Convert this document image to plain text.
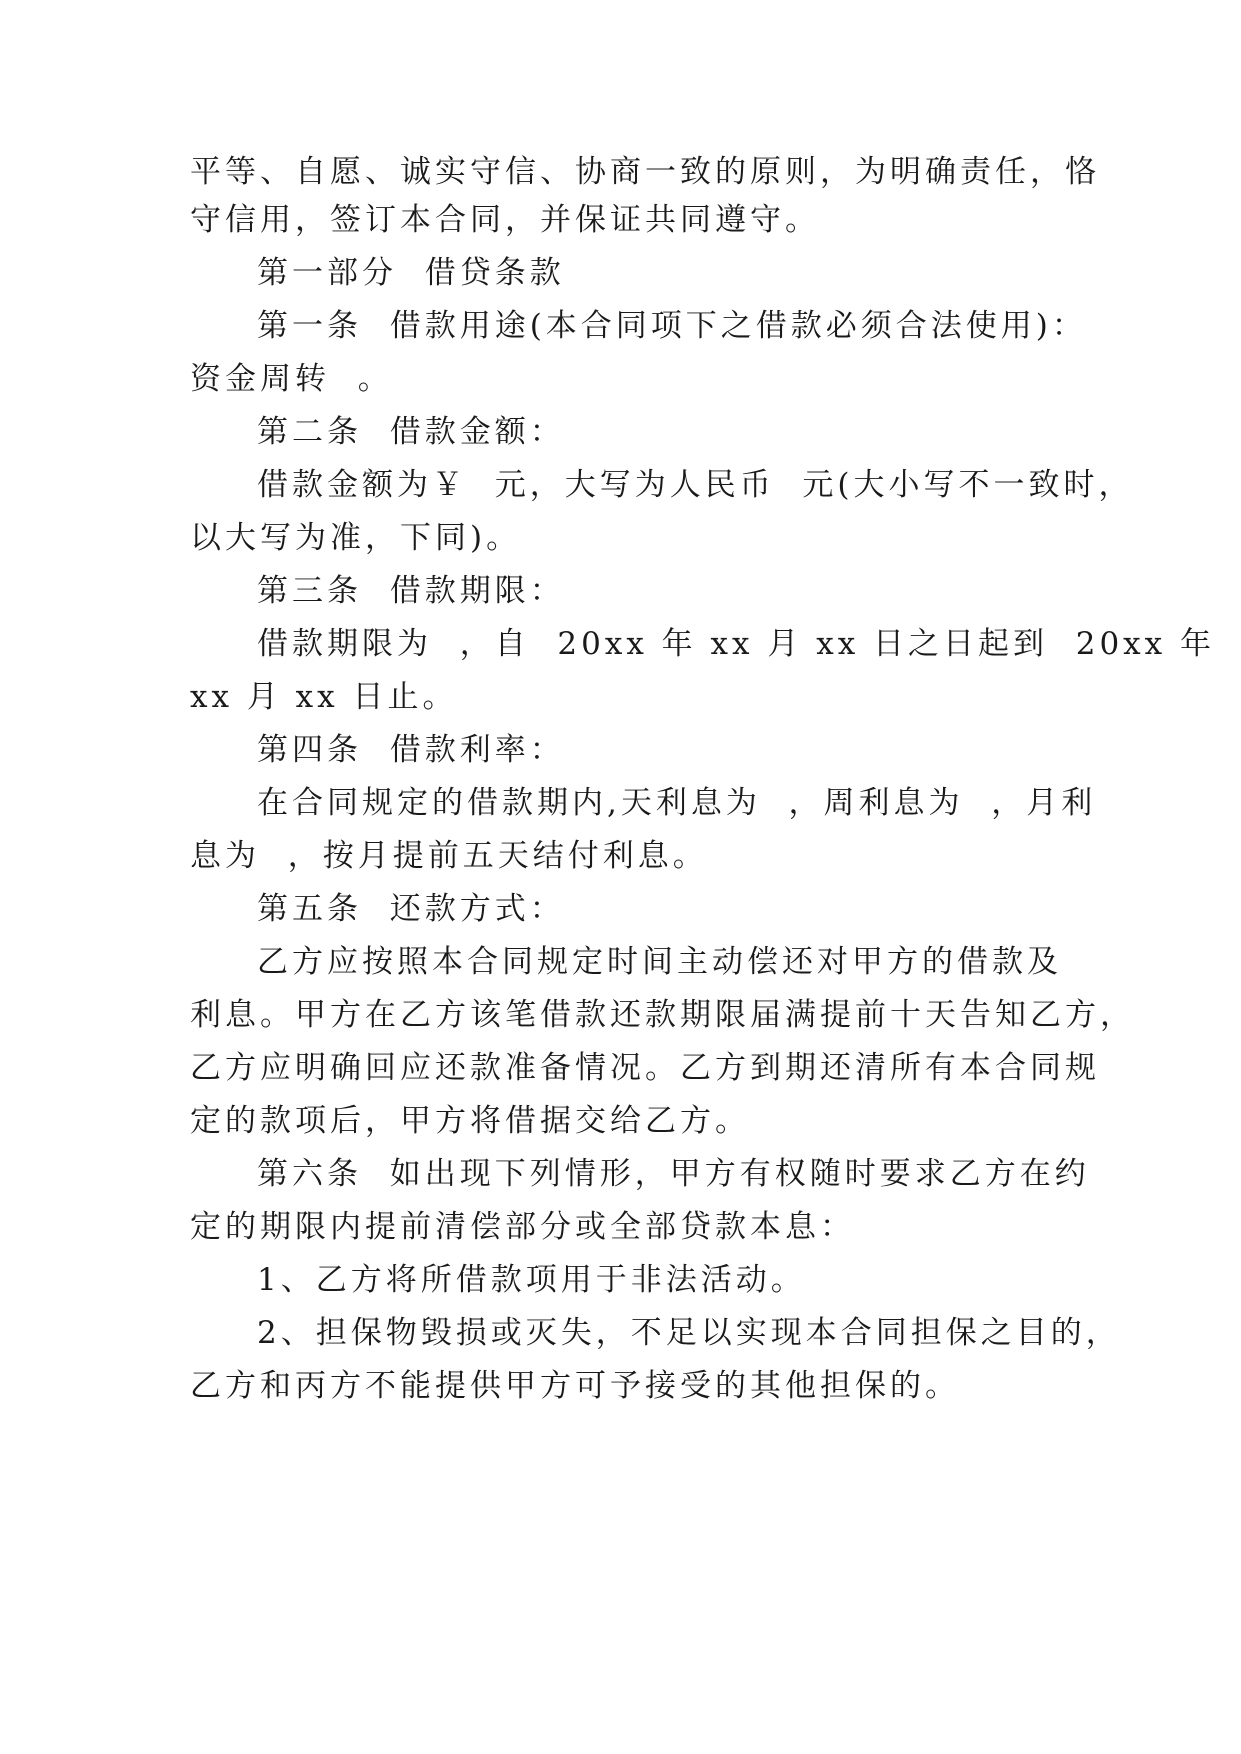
平等、自愿、诚实守信、协商一致的原则，为明确责任，恪
守信用，签订本合同，并保证共同遵守。
第一部分  借贷条款
第一条  借款用途(本合同项下之借款必须合法使用)：
资金周转  。
第二条  借款金额：
借款金额为￥  元，大写为人民币  元(大小写不一致时，
以大写为准，下同)。
第三条  借款期限：
借款期限为  ，自  20xx 年 xx 月 xx 日之日起到  20xx 年
xx 月 xx 日止。
第四条  借款利率：
在合同规定的借款期内,天利息为  ，周利息为  ，月利
息为  ，按月提前五天结付利息。
第五条  还款方式：
乙方应按照本合同规定时间主动偿还对甲方的借款及
利息。甲方在乙方该笔借款还款期限届满提前十天告知乙方，
乙方应明确回应还款准备情况。乙方到期还清所有本合同规
定的款项后，甲方将借据交给乙方。
第六条  如出现下列情形，甲方有权随时要求乙方在约
定的期限内提前清偿部分或全部贷款本息：
1、乙方将所借款项用于非法活动。
2、担保物毁损或灭失，不足以实现本合同担保之目的，
乙方和丙方不能提供甲方可予接受的其他担保的。
